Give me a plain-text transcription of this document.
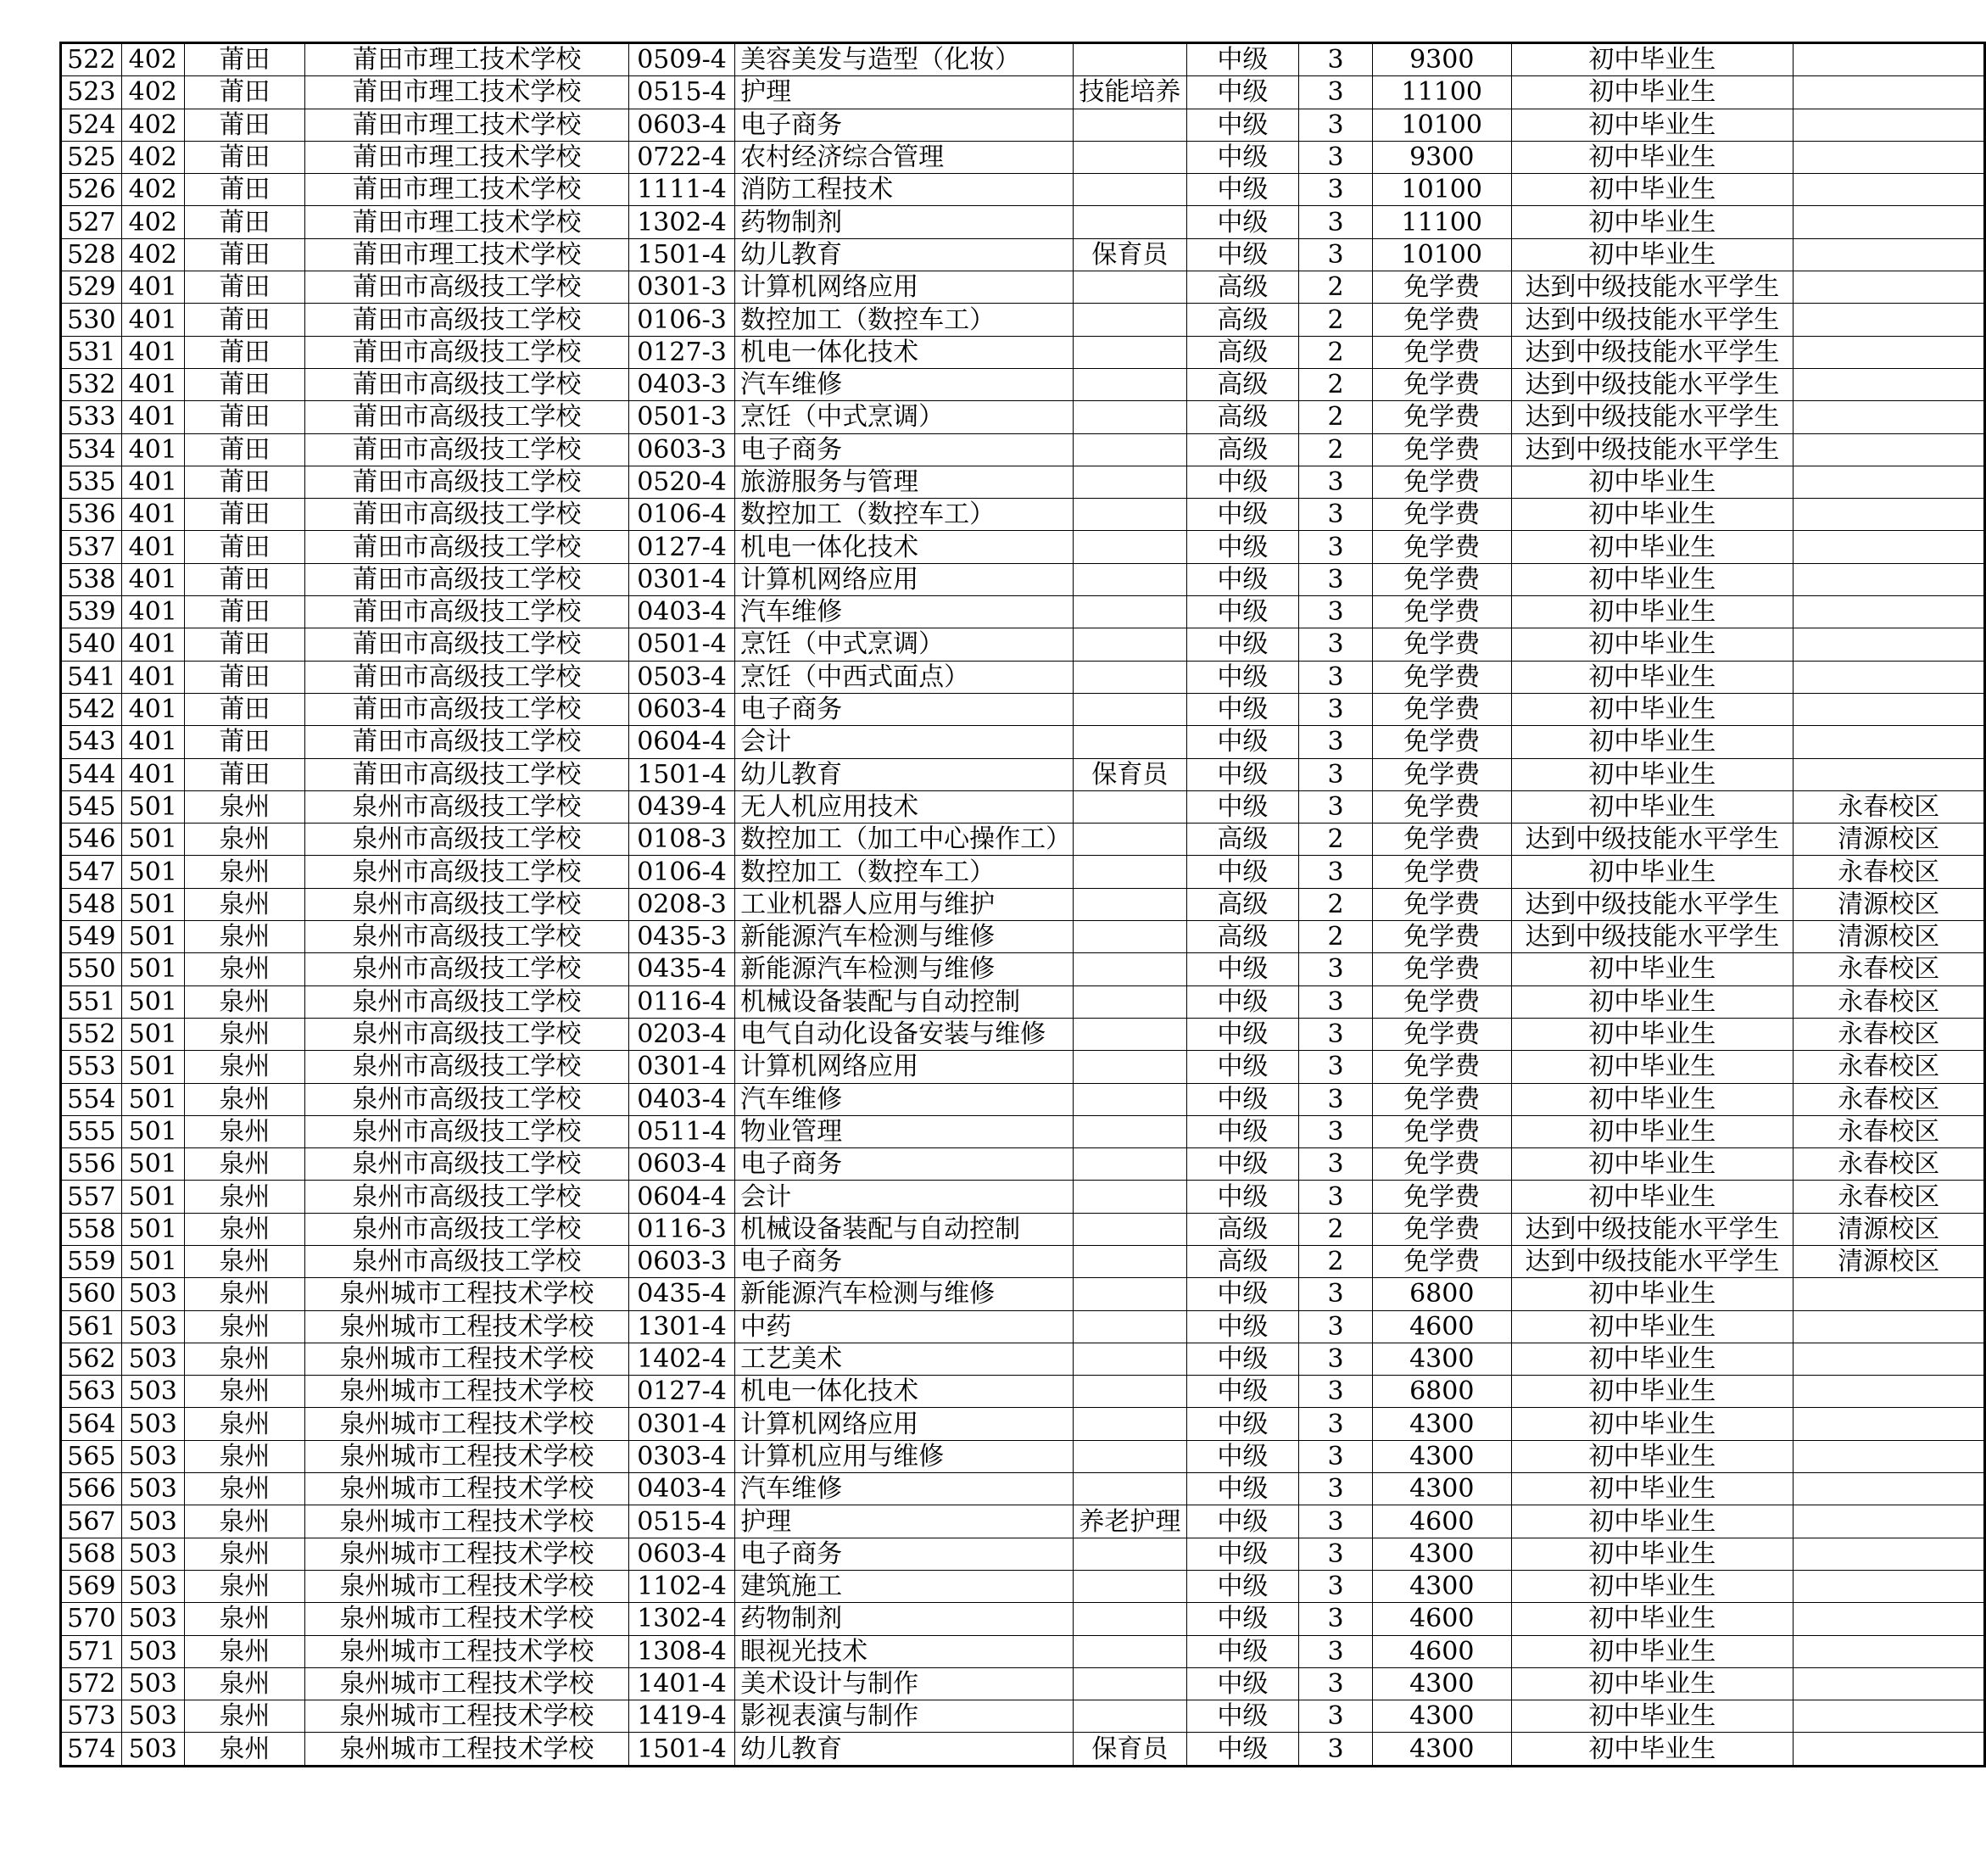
522	402	莆田	莆田市理工技术学校	0509-4	美容美发与造型（化妆）		中级	3	9300	初中毕业生	
523	402	莆田	莆田市理工技术学校	0515-4	护理	技能培养	中级	3	11100	初中毕业生	
524	402	莆田	莆田市理工技术学校	0603-4	电子商务		中级	3	10100	初中毕业生	
525	402	莆田	莆田市理工技术学校	0722-4	农村经济综合管理		中级	3	9300	初中毕业生	
526	402	莆田	莆田市理工技术学校	1111-4	消防工程技术		中级	3	10100	初中毕业生	
527	402	莆田	莆田市理工技术学校	1302-4	药物制剂		中级	3	11100	初中毕业生	
528	402	莆田	莆田市理工技术学校	1501-4	幼儿教育	保育员	中级	3	10100	初中毕业生	
529	401	莆田	莆田市高级技工学校	0301-3	计算机网络应用		高级	2	免学费	达到中级技能水平学生	
530	401	莆田	莆田市高级技工学校	0106-3	数控加工（数控车工）		高级	2	免学费	达到中级技能水平学生	
531	401	莆田	莆田市高级技工学校	0127-3	机电一体化技术		高级	2	免学费	达到中级技能水平学生	
532	401	莆田	莆田市高级技工学校	0403-3	汽车维修		高级	2	免学费	达到中级技能水平学生	
533	401	莆田	莆田市高级技工学校	0501-3	烹饪（中式烹调）		高级	2	免学费	达到中级技能水平学生	
534	401	莆田	莆田市高级技工学校	0603-3	电子商务		高级	2	免学费	达到中级技能水平学生	
535	401	莆田	莆田市高级技工学校	0520-4	旅游服务与管理		中级	3	免学费	初中毕业生	
536	401	莆田	莆田市高级技工学校	0106-4	数控加工（数控车工）		中级	3	免学费	初中毕业生	
537	401	莆田	莆田市高级技工学校	0127-4	机电一体化技术		中级	3	免学费	初中毕业生	
538	401	莆田	莆田市高级技工学校	0301-4	计算机网络应用		中级	3	免学费	初中毕业生	
539	401	莆田	莆田市高级技工学校	0403-4	汽车维修		中级	3	免学费	初中毕业生	
540	401	莆田	莆田市高级技工学校	0501-4	烹饪（中式烹调）		中级	3	免学费	初中毕业生	
541	401	莆田	莆田市高级技工学校	0503-4	烹饪（中西式面点）		中级	3	免学费	初中毕业生	
542	401	莆田	莆田市高级技工学校	0603-4	电子商务		中级	3	免学费	初中毕业生	
543	401	莆田	莆田市高级技工学校	0604-4	会计		中级	3	免学费	初中毕业生	
544	401	莆田	莆田市高级技工学校	1501-4	幼儿教育	保育员	中级	3	免学费	初中毕业生	
545	501	泉州	泉州市高级技工学校	0439-4	无人机应用技术		中级	3	免学费	初中毕业生	永春校区
546	501	泉州	泉州市高级技工学校	0108-3	数控加工（加工中心操作工）		高级	2	免学费	达到中级技能水平学生	清源校区
547	501	泉州	泉州市高级技工学校	0106-4	数控加工（数控车工）		中级	3	免学费	初中毕业生	永春校区
548	501	泉州	泉州市高级技工学校	0208-3	工业机器人应用与维护		高级	2	免学费	达到中级技能水平学生	清源校区
549	501	泉州	泉州市高级技工学校	0435-3	新能源汽车检测与维修		高级	2	免学费	达到中级技能水平学生	清源校区
550	501	泉州	泉州市高级技工学校	0435-4	新能源汽车检测与维修		中级	3	免学费	初中毕业生	永春校区
551	501	泉州	泉州市高级技工学校	0116-4	机械设备装配与自动控制		中级	3	免学费	初中毕业生	永春校区
552	501	泉州	泉州市高级技工学校	0203-4	电气自动化设备安装与维修		中级	3	免学费	初中毕业生	永春校区
553	501	泉州	泉州市高级技工学校	0301-4	计算机网络应用		中级	3	免学费	初中毕业生	永春校区
554	501	泉州	泉州市高级技工学校	0403-4	汽车维修		中级	3	免学费	初中毕业生	永春校区
555	501	泉州	泉州市高级技工学校	0511-4	物业管理		中级	3	免学费	初中毕业生	永春校区
556	501	泉州	泉州市高级技工学校	0603-4	电子商务		中级	3	免学费	初中毕业生	永春校区
557	501	泉州	泉州市高级技工学校	0604-4	会计		中级	3	免学费	初中毕业生	永春校区
558	501	泉州	泉州市高级技工学校	0116-3	机械设备装配与自动控制		高级	2	免学费	达到中级技能水平学生	清源校区
559	501	泉州	泉州市高级技工学校	0603-3	电子商务		高级	2	免学费	达到中级技能水平学生	清源校区
560	503	泉州	泉州城市工程技术学校	0435-4	新能源汽车检测与维修		中级	3	6800	初中毕业生	
561	503	泉州	泉州城市工程技术学校	1301-4	中药		中级	3	4600	初中毕业生	
562	503	泉州	泉州城市工程技术学校	1402-4	工艺美术		中级	3	4300	初中毕业生	
563	503	泉州	泉州城市工程技术学校	0127-4	机电一体化技术		中级	3	6800	初中毕业生	
564	503	泉州	泉州城市工程技术学校	0301-4	计算机网络应用		中级	3	4300	初中毕业生	
565	503	泉州	泉州城市工程技术学校	0303-4	计算机应用与维修		中级	3	4300	初中毕业生	
566	503	泉州	泉州城市工程技术学校	0403-4	汽车维修		中级	3	4300	初中毕业生	
567	503	泉州	泉州城市工程技术学校	0515-4	护理	养老护理	中级	3	4600	初中毕业生	
568	503	泉州	泉州城市工程技术学校	0603-4	电子商务		中级	3	4300	初中毕业生	
569	503	泉州	泉州城市工程技术学校	1102-4	建筑施工		中级	3	4300	初中毕业生	
570	503	泉州	泉州城市工程技术学校	1302-4	药物制剂		中级	3	4600	初中毕业生	
571	503	泉州	泉州城市工程技术学校	1308-4	眼视光技术		中级	3	4600	初中毕业生	
572	503	泉州	泉州城市工程技术学校	1401-4	美术设计与制作		中级	3	4300	初中毕业生	
573	503	泉州	泉州城市工程技术学校	1419-4	影视表演与制作		中级	3	4300	初中毕业生	
574	503	泉州	泉州城市工程技术学校	1501-4	幼儿教育	保育员	中级	3	4300	初中毕业生	
